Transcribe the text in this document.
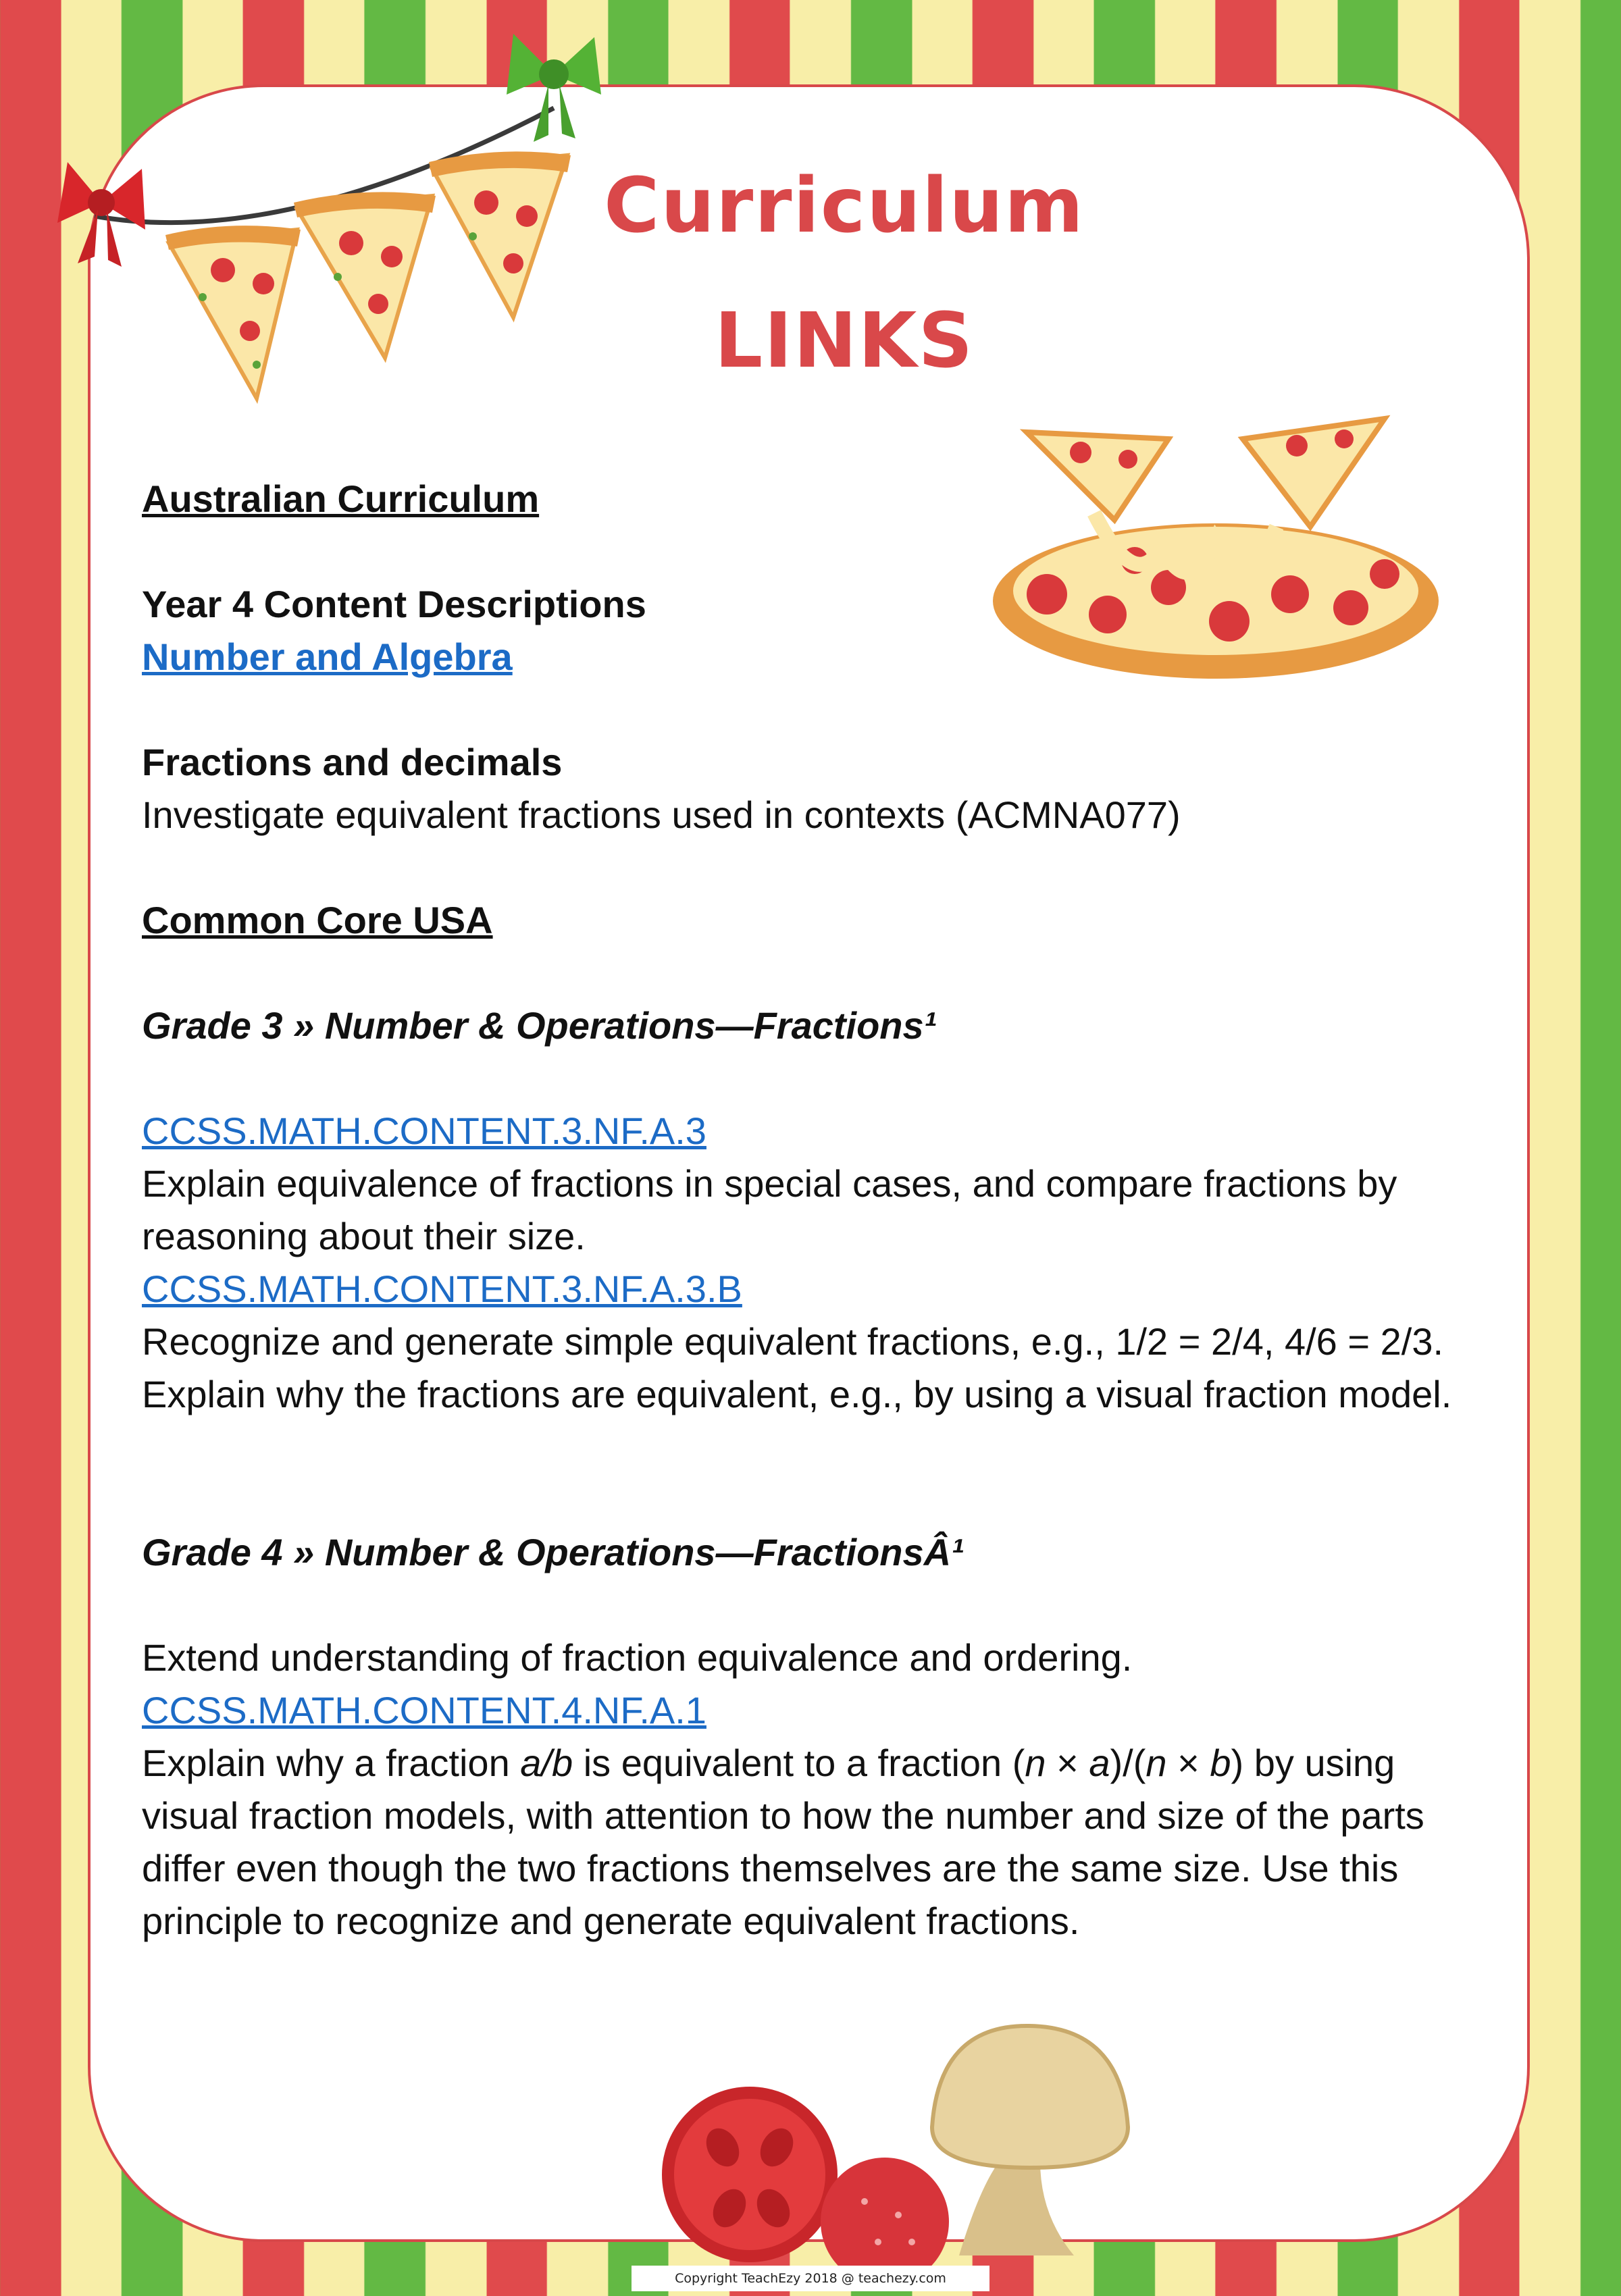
Curriculum
LINKS

Australian Curriculum

Year 4 Content Descriptions

Number and Algebra

Fractions and decimals

Investigate equivalent fractions used in contexts (ACMNA077)

Common Core USA

Grade 3 » Number & Operations—Fractions¹

CCSS.MATH.CONTENT.3.NF.A.3

Explain equivalence of fractions in special cases, and compare fractions by reasoning about their size.

CCSS.MATH.CONTENT.3.NF.A.3.B

Recognize and generate simple equivalent fractions, e.g., 1/2 = 2/4, 4/6 = 2/3. Explain why the fractions are equivalent, e.g., by using a visual fraction model.

Grade 4 » Number & Operations—FractionsÂ¹

Extend understanding of fraction equivalence and ordering.

CCSS.MATH.CONTENT.4.NF.A.1

Explain why a fraction a/b is equivalent to a fraction (n × a)/(n × b) by using visual fraction models, with attention to how the number and size of the parts differ even though the two fractions themselves are the same size. Use this principle to recognize and generate equivalent fractions.

Copyright TeachEzy 2018 @ teachezy.com
